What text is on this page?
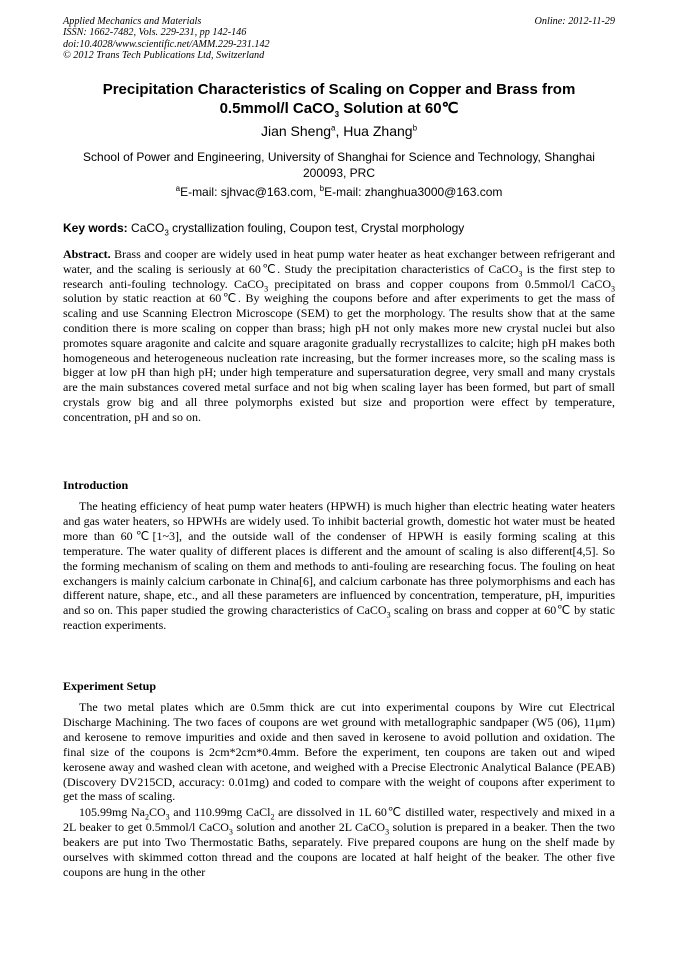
Applied Mechanics and Materials
ISSN: 1662-7482, Vols. 229-231, pp 142-146
doi:10.4028/www.scientific.net/AMM.229-231.142
© 2012 Trans Tech Publications Ltd, Switzerland
Online: 2012-11-29
Precipitation Characteristics of Scaling on Copper and Brass from
0.5mmol/l CaCO$_3$ Solution at 60℃
Jian Sheng$^a$, Hua Zhang$^b$
School of Power and Engineering, University of Shanghai for Science and Technology, Shanghai
200093, PRC
$^a$E-mail: sjhvac@163.com, $^b$E-mail: zhanghua3000@163.com
Key words: CaCO$_3$ crystallization fouling, Coupon test, Crystal morphology
Abstract. Brass and cooper are widely used in heat pump water heater as heat exchanger between refrigerant and water, and the scaling is seriously at 60℃. Study the precipitation characteristics of CaCO$_3$ is the first step to research anti-fouling technology. CaCO$_3$ precipitated on brass and copper coupons from 0.5mmol/l CaCO$_3$ solution by static reaction at 60℃. By weighing the coupons before and after experiments to get the mass of scaling and use Scanning Electron Microscope (SEM) to get the morphology. The results show that at the same condition there is more scaling on copper than brass; high pH not only makes more new crystal nuclei but also promotes square aragonite and calcite and square aragonite gradually recrystallizes to calcite; high pH makes both homogeneous and heterogeneous nucleation rate increasing, but the former increases more, so the scaling mass is bigger at low pH than high pH; under high temperature and supersaturation degree, very small and many crystals are the main substances covered metal surface and not big when scaling layer has been formed, but part of small crystals grow big and all three polymorphs existed but size and proportion were effect by temperature, concentration, pH and so on.
Introduction

The heating efficiency of heat pump water heaters (HPWH) is much higher than electric heating water heaters and gas water heaters, so HPWHs are widely used. To inhibit bacterial growth, domestic hot water must be heated more than 60℃[1~3], and the outside wall of the condenser of HPWH is easily forming scaling at this temperature. The water quality of different places is different and the amount of scaling is also different[4,5]. So the forming mechanism of scaling on them and methods to anti-fouling are researching focus. The fouling on heat exchangers is mainly calcium carbonate in China[6], and calcium carbonate has three polymorphisms and each has different nature, shape, etc., and all these parameters are influenced by concentration, temperature, pH, impurities and so on. This paper studied the growing characteristics of CaCO$_3$ scaling on brass and copper at 60℃ by static reaction experiments.

Experiment Setup

The two metal plates which are 0.5mm thick are cut into experimental coupons by Wire cut Electrical Discharge Machining. The two faces of coupons are wet ground with metallographic sandpaper (W5 (06), 11μm) and kerosene to remove impurities and oxide and then saved in kerosene to avoid pollution and oxidation. The final size of the coupons is 2cm*2cm*0.4mm. Before the experiment, ten coupons are taken out and wiped kerosene away and washed clean with acetone, and weighed with a Precise Electronic Analytical Balance (PEAB) (Discovery DV215CD, accuracy: 0.01mg) and coded to compare with the weight of coupons after experiment to get the mass of scaling.

105.99mg $Na_2CO_3$ and 110.99mg CaCl$_2$ are dissolved in 1L 60℃ distilled water, respectively and mixed in a 2L beaker to get 0.5mmol/l CaCO$_3$ solution and another 2L CaCO$_3$ solution is prepared in a beaker. Then the two beakers are put into Two Thermostatic Baths, separately. Five prepared coupons are hung on the shelf made by ourselves with skimmed cotton thread and the coupons are located at half height of the beaker. The other five coupons are hung in the other
